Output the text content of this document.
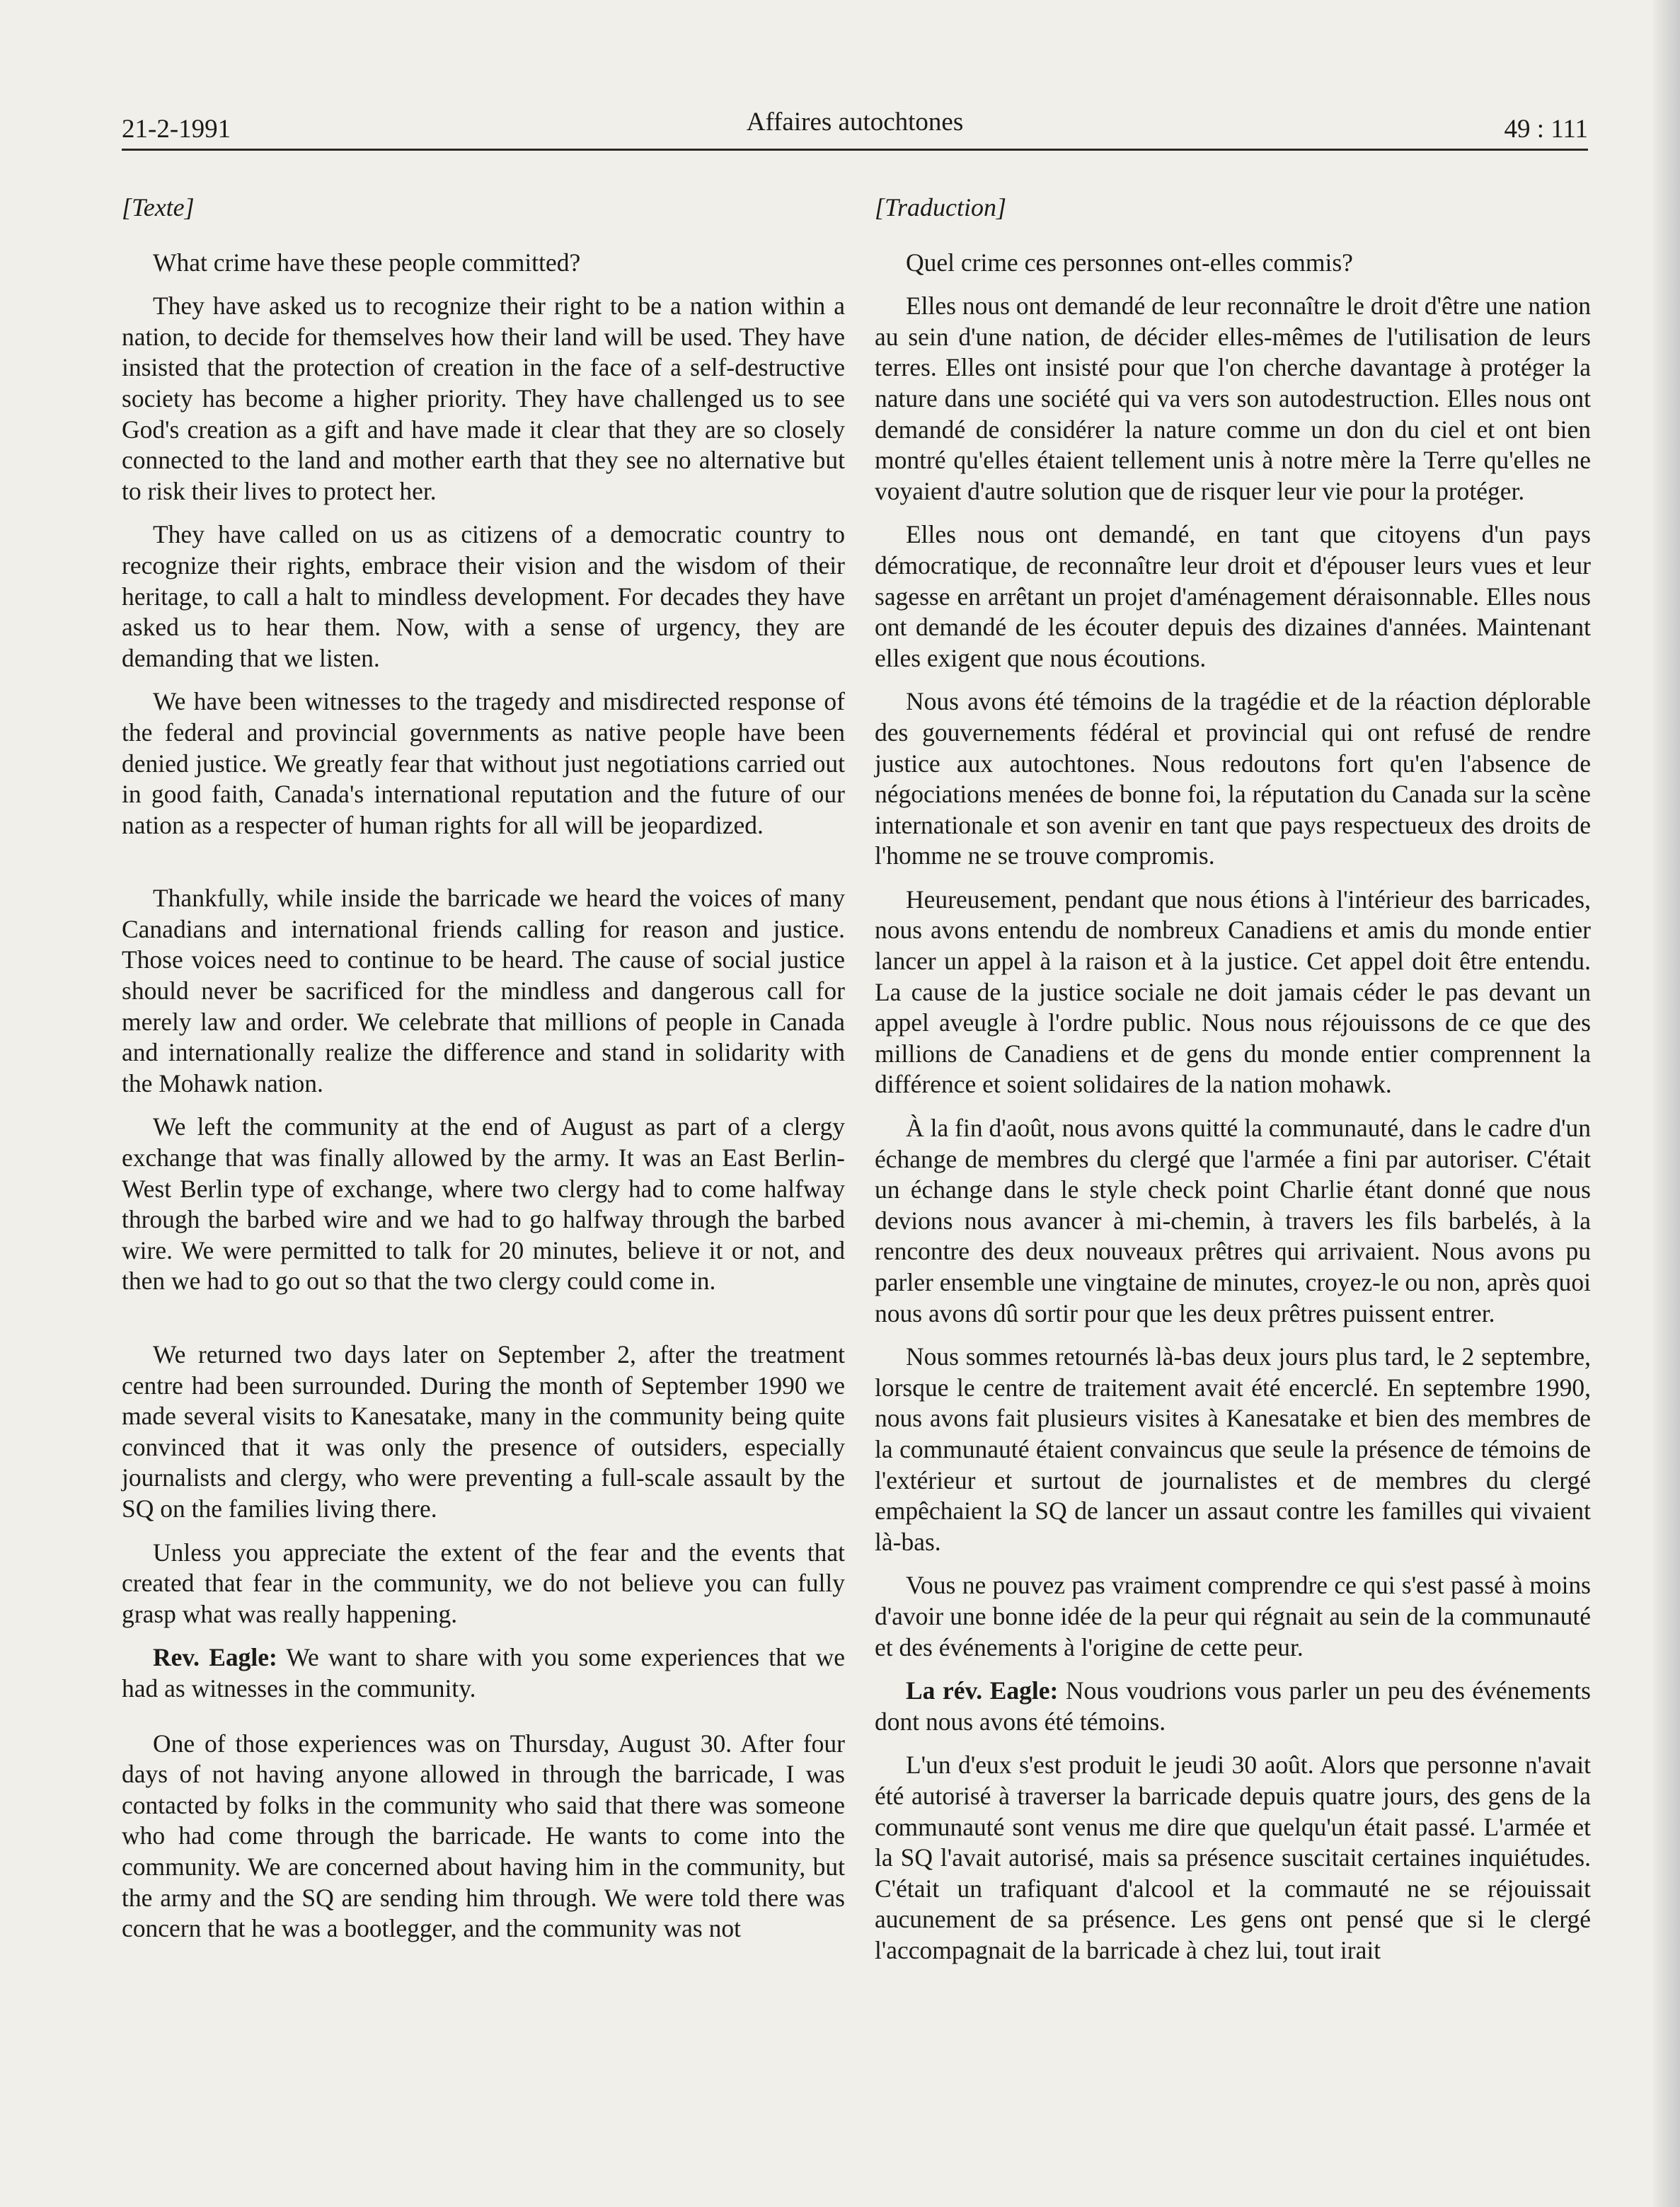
21-2-1991	Affaires autochtones	49 : 111
[Texte]

What crime have these people committed?

They have asked us to recognize their right to be a nation within a nation, to decide for themselves how their land will be used. They have insisted that the protection of creation in the face of a self-destructive society has become a higher priority. They have challenged us to see God's creation as a gift and have made it clear that they are so closely connected to the land and mother earth that they see no alternative but to risk their lives to protect her.

They have called on us as citizens of a democratic country to recognize their rights, embrace their vision and the wisdom of their heritage, to call a halt to mindless development. For decades they have asked us to hear them. Now, with a sense of urgency, they are demanding that we listen.

We have been witnesses to the tragedy and misdirected response of the federal and provincial governments as native people have been denied justice. We greatly fear that without just negotiations carried out in good faith, Canada's international reputation and the future of our nation as a respecter of human rights for all will be jeopardized.

Thankfully, while inside the barricade we heard the voices of many Canadians and international friends calling for reason and justice. Those voices need to continue to be heard. The cause of social justice should never be sacrificed for the mindless and dangerous call for merely law and order. We celebrate that millions of people in Canada and internationally realize the difference and stand in solidarity with the Mohawk nation.

We left the community at the end of August as part of a clergy exchange that was finally allowed by the army. It was an East Berlin-West Berlin type of exchange, where two clergy had to come halfway through the barbed wire and we had to go halfway through the barbed wire. We were permitted to talk for 20 minutes, believe it or not, and then we had to go out so that the two clergy could come in.

We returned two days later on September 2, after the treatment centre had been surrounded. During the month of September 1990 we made several visits to Kanesatake, many in the community being quite convinced that it was only the presence of outsiders, especially journalists and clergy, who were preventing a full-scale assault by the SQ on the families living there.

Unless you appreciate the extent of the fear and the events that created that fear in the community, we do not believe you can fully grasp what was really happening.

Rev. Eagle: We want to share with you some experiences that we had as witnesses in the community.

One of those experiences was on Thursday, August 30. After four days of not having anyone allowed in through the barricade, I was contacted by folks in the community who said that there was someone who had come through the barricade. He wants to come into the community. We are concerned about having him in the community, but the army and the SQ are sending him through. We were told there was concern that he was a bootlegger, and the community was not

[Traduction]

Quel crime ces personnes ont-elles commis?

Elles nous ont demandé de leur reconnaître le droit d'être une nation au sein d'une nation, de décider elles-mêmes de l'utilisation de leurs terres. Elles ont insisté pour que l'on cherche davantage à protéger la nature dans une société qui va vers son autodestruction. Elles nous ont demandé de considérer la nature comme un don du ciel et ont bien montré qu'elles étaient tellement unis à notre mère la Terre qu'elles ne voyaient d'autre solution que de risquer leur vie pour la protéger.

Elles nous ont demandé, en tant que citoyens d'un pays démocratique, de reconnaître leur droit et d'épouser leurs vues et leur sagesse en arrêtant un projet d'aménagement déraisonnable. Elles nous ont demandé de les écouter depuis des dizaines d'années. Maintenant elles exigent que nous écoutions.

Nous avons été témoins de la tragédie et de la réaction déplorable des gouvernements fédéral et provincial qui ont refusé de rendre justice aux autochtones. Nous redoutons fort qu'en l'absence de négociations menées de bonne foi, la réputation du Canada sur la scène internationale et son avenir en tant que pays respectueux des droits de l'homme ne se trouve compromis.

Heureusement, pendant que nous étions à l'intérieur des barricades, nous avons entendu de nombreux Canadiens et amis du monde entier lancer un appel à la raison et à la justice. Cet appel doit être entendu. La cause de la justice sociale ne doit jamais céder le pas devant un appel aveugle à l'ordre public. Nous nous réjouissons de ce que des millions de Canadiens et de gens du monde entier comprennent la différence et soient solidaires de la nation mohawk.

À la fin d'août, nous avons quitté la communauté, dans le cadre d'un échange de membres du clergé que l'armée a fini par autoriser. C'était un échange dans le style check point Charlie étant donné que nous devions nous avancer à mi-chemin, à travers les fils barbelés, à la rencontre des deux nouveaux prêtres qui arrivaient. Nous avons pu parler ensemble une vingtaine de minutes, croyez-le ou non, après quoi nous avons dû sortir pour que les deux prêtres puissent entrer.

Nous sommes retournés là-bas deux jours plus tard, le 2 septembre, lorsque le centre de traitement avait été encerclé. En septembre 1990, nous avons fait plusieurs visites à Kanesatake et bien des membres de la communauté étaient convaincus que seule la présence de témoins de l'extérieur et surtout de journalistes et de membres du clergé empêchaient la SQ de lancer un assaut contre les familles qui vivaient là-bas.

Vous ne pouvez pas vraiment comprendre ce qui s'est passé à moins d'avoir une bonne idée de la peur qui régnait au sein de la communauté et des événements à l'origine de cette peur.

La rév. Eagle: Nous voudrions vous parler un peu des événements dont nous avons été témoins.

L'un d'eux s'est produit le jeudi 30 août. Alors que personne n'avait été autorisé à traverser la barricade depuis quatre jours, des gens de la communauté sont venus me dire que quelqu'un était passé. L'armée et la SQ l'avait autorisé, mais sa présence suscitait certaines inquiétudes. C'était un trafiquant d'alcool et la commauté ne se réjouissait aucunement de sa présence. Les gens ont pensé que si le clergé l'accompagnait de la barricade à chez lui, tout irait
